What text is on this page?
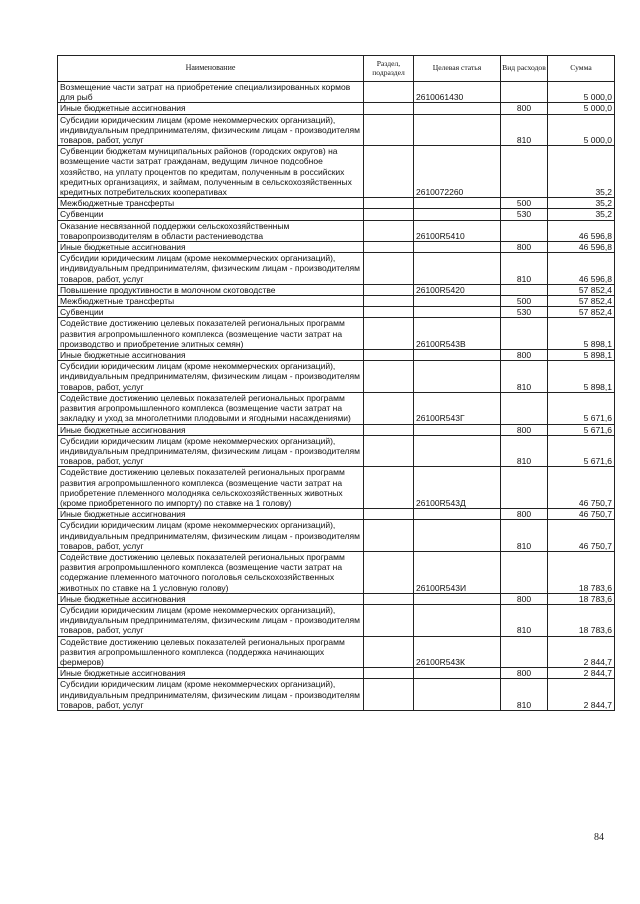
Наименование	Раздел, подраздел	Целевая статья	Вид расходов	Сумма
Возмещение части затрат на приобретение специализированных кормов для рыб		2610061430		5 000,0
Иные бюджетные ассигнования			800	5 000,0
Субсидии юридическим лицам (кроме некоммерческих организаций), индивидуальным предпринимателям, физическим лицам - производителям товаров, работ, услуг			810	5 000,0
Субвенции бюджетам муниципальных районов (городских округов) на возмещение части затрат гражданам, ведущим личное подсобное хозяйство, на уплату процентов по кредитам, полученным в российских кредитных организациях, и займам, полученным в сельскохозяйственных кредитных потребительских кооперативах		2610072260		35,2
Межбюджетные трансферты			500	35,2
Субвенции			530	35,2
Оказание несвязанной поддержки сельскохозяйственным товаропроизводителям в области растениеводства		26100R5410		46 596,8
Иные бюджетные ассигнования			800	46 596,8
Субсидии юридическим лицам (кроме некоммерческих организаций), индивидуальным предпринимателям, физическим лицам - производителям товаров, работ, услуг			810	46 596,8
Повышение продуктивности в молочном скотоводстве		26100R5420		57 852,4
Межбюджетные трансферты			500	57 852,4
Субвенции			530	57 852,4
Содействие достижению целевых показателей региональных программ развития агропромышленного комплекса (возмещение части затрат на производство и приобретение элитных семян)		26100R543В		5 898,1
Иные бюджетные ассигнования			800	5 898,1
Субсидии юридическим лицам (кроме некоммерческих организаций), индивидуальным предпринимателям, физическим лицам - производителям товаров, работ, услуг			810	5 898,1
Содействие достижению целевых показателей региональных программ развития агропромышленного комплекса (возмещение части затрат на закладку и уход за многолетними плодовыми и ягодными насаждениями)		26100R543Г		5 671,6
Иные бюджетные ассигнования			800	5 671,6
Субсидии юридическим лицам (кроме некоммерческих организаций), индивидуальным предпринимателям, физическим лицам - производителям товаров, работ, услуг			810	5 671,6
Содействие достижению целевых показателей региональных программ развития агропромышленного комплекса (возмещение части затрат на приобретение племенного молодняка сельскохозяйственных животных (кроме приобретенного по импорту) по ставке на 1 голову)		26100R543Д		46 750,7
Иные бюджетные ассигнования			800	46 750,7
Субсидии юридическим лицам (кроме некоммерческих организаций), индивидуальным предпринимателям, физическим лицам - производителям товаров, работ, услуг			810	46 750,7
Содействие достижению целевых показателей региональных программ развития агропромышленного комплекса (возмещение части затрат на содержание племенного маточного поголовья сельскохозяйственных животных по ставке на 1 условную голову)		26100R543И		18 783,6
Иные бюджетные ассигнования			800	18 783,6
Субсидии юридическим лицам (кроме некоммерческих организаций), индивидуальным предпринимателям, физическим лицам - производителям товаров, работ, услуг			810	18 783,6
Содействие достижению целевых показателей региональных программ развития агропромышленного комплекса (поддержка начинающих фермеров)		26100R543К		2 844,7
Иные бюджетные ассигнования			800	2 844,7
Субсидии юридическим лицам (кроме некоммерческих организаций), индивидуальным предпринимателям, физическим лицам - производителям товаров, работ, услуг			810	2 844,7
84
